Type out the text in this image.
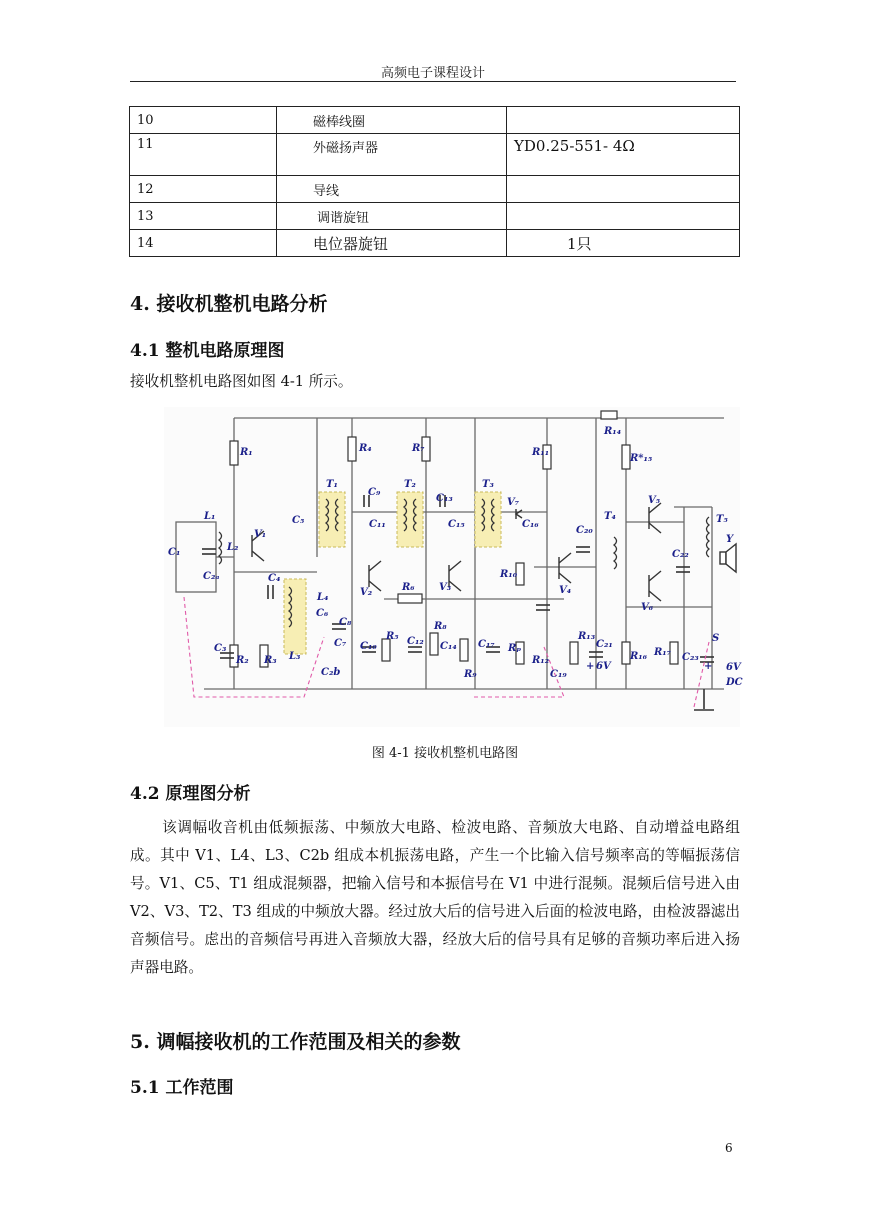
高频电子课程设计
10	磁棒线圈	
11	外磁扬声器	YD0.25-551- 4Ω
12	导线	
13	调谐旋钮	
14	电位器旋钮	1只
4. 接收机整机电路分析
4.1 整机电路原理图
接收机整机电路图如图 4-1 所示。
R₁	R₄	R₇	R₁₁
R₁₄
R*₁₅
T₁	T₂	T₃
T₄	T₅
Y
L₁
L₂
L₃
L₄
V₁
V₂	V₃	V₄
V₅
V₆
V₇
C₁
C₂ₐ
C₂b
C₃
C₄
C₅
C₆
C₇
C₈
C₉
C₁₀
C₁₁
C₁₂
C₁₃
C₁₄
C₁₅	C₁₆
C₁₇
C₁₉
C₂₀
C₂₁
C₂₂
C₂₃
R₂ R₃
R₅
R₆
R₈
R₉
R₁₀
Rₚ
R₁₂
R₁₃
R₁₆ R₁₇
S
6V
+	+ 6V
DC
图 4-1 接收机整机电路图
4.2 原理图分析
该调幅收音机由低频振荡、中频放大电路、检波电路、音频放大电路、自动增益电路组成。其中 V1、L4、L3、C2b 组成本机振荡电路，产生一个比输入信号频率高的等幅振荡信号。V1、C5、T1 组成混频器，把输入信号和本振信号在 V1 中进行混频。混频后信号进入由 V2、V3、T2、T3 组成的中频放大器。经过放大后的信号进入后面的检波电路，由检波器滤出音频信号。虑出的音频信号再进入音频放大器，经放大后的信号具有足够的音频功率后进入扬声器电路。
5. 调幅接收机的工作范围及相关的参数
5.1 工作范围
6
